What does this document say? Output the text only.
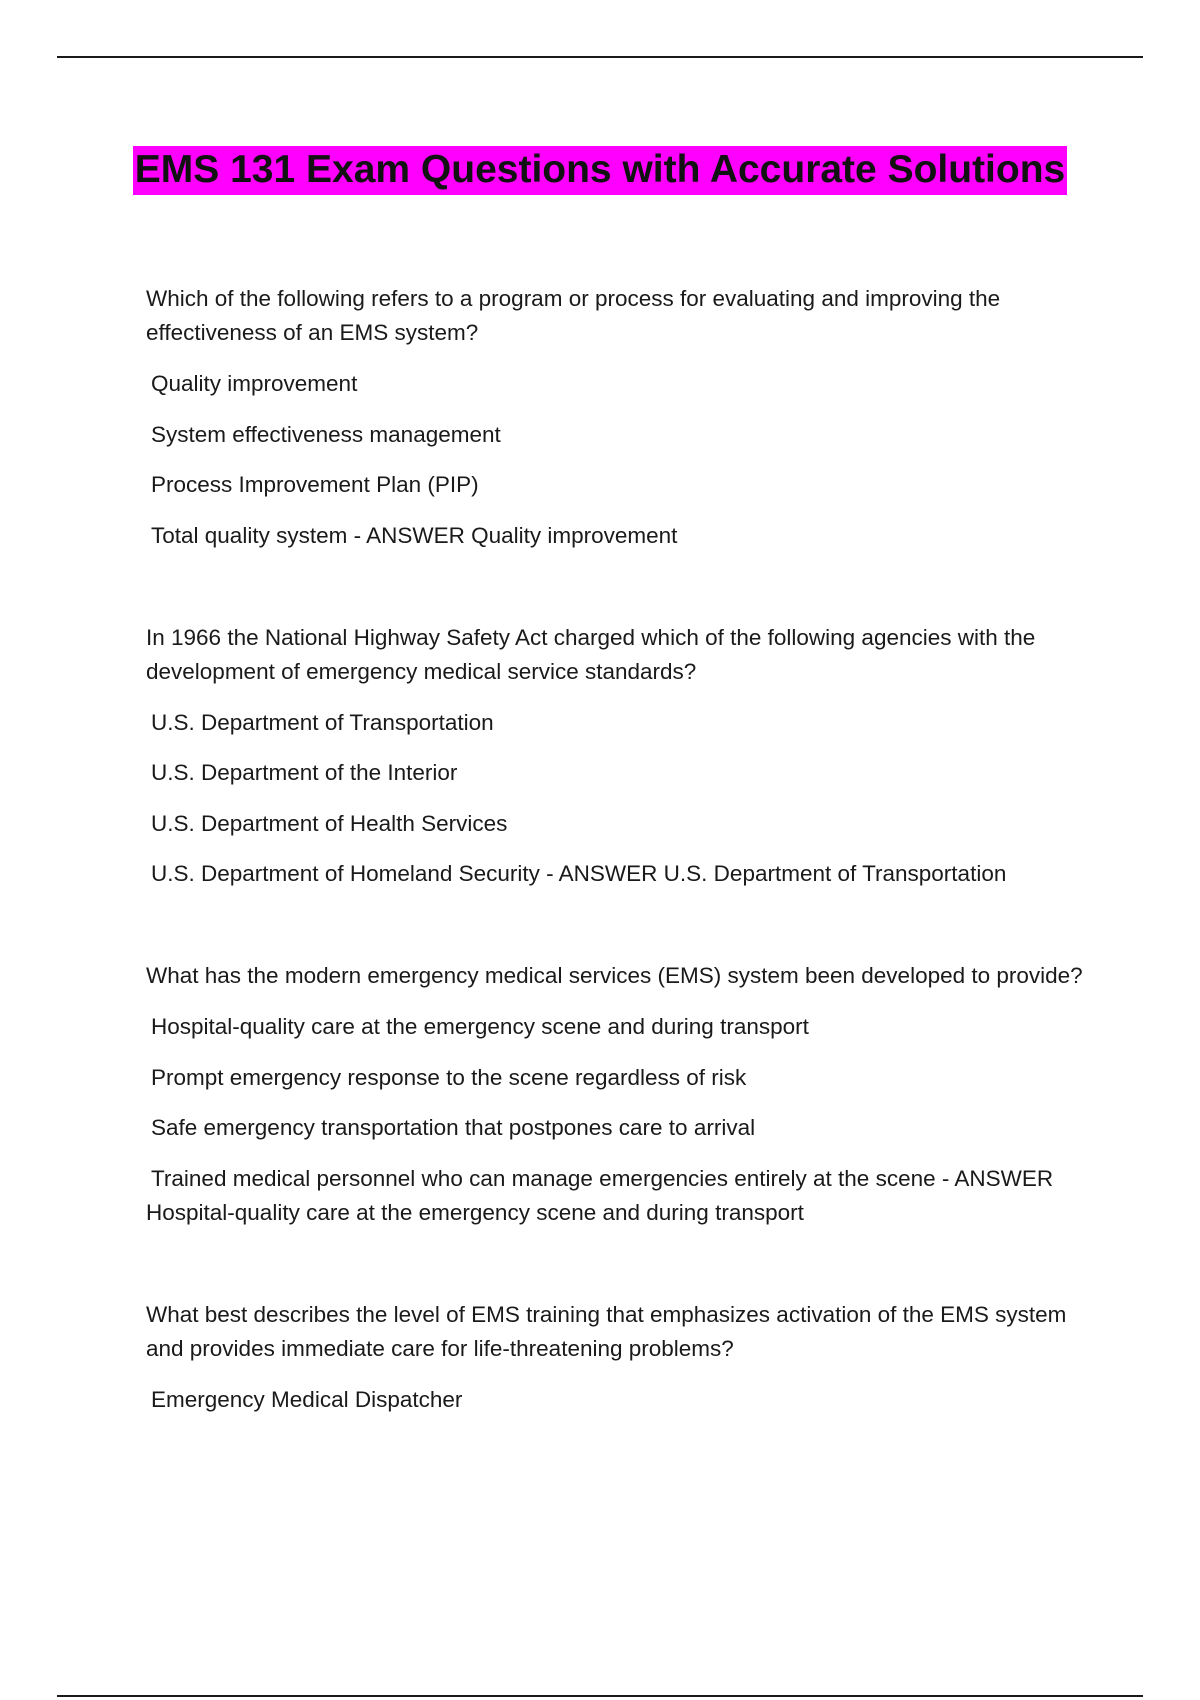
EMS 131 Exam Questions with Accurate Solutions

Which of the following refers to a program or process for evaluating and improving the effectiveness of an EMS system?

Quality improvement

System effectiveness management

Process Improvement Plan (PIP)

Total quality system - ANSWER Quality improvement

In 1966 the National Highway Safety Act charged which of the following agencies with the development of emergency medical service standards?

U.S. Department of Transportation

U.S. Department of the Interior

U.S. Department of Health Services

U.S. Department of Homeland Security - ANSWER U.S. Department of Transportation

What has the modern emergency medical services (EMS) system been developed to provide?

Hospital-quality care at the emergency scene and during transport

Prompt emergency response to the scene regardless of risk

Safe emergency transportation that postpones care to arrival

Trained medical personnel who can manage emergencies entirely at the scene - ANSWER Hospital-quality care at the emergency scene and during transport

What best describes the level of EMS training that emphasizes activation of the EMS system and provides immediate care for life-threatening problems?

Emergency Medical Dispatcher
